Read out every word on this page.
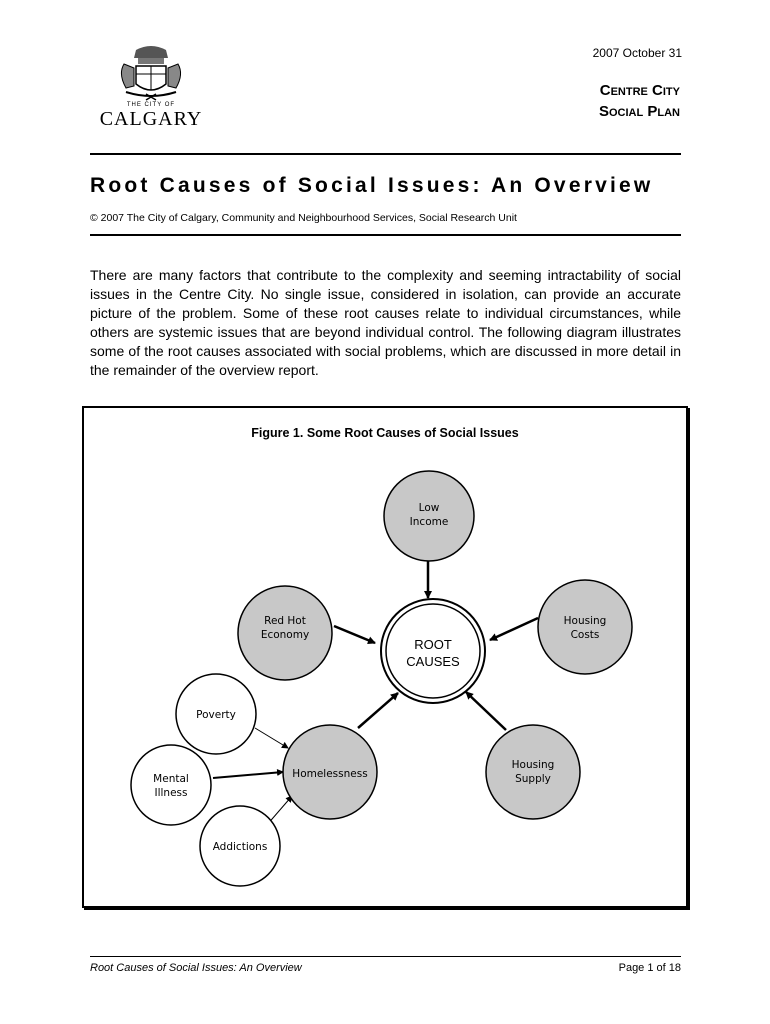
THE CITY OF
CALGARY
2007 October 31
Centre City
Social Plan
Root Causes of Social Issues: An Overview
© 2007 The City of Calgary, Community and Neighbourhood Services, Social Research Unit
There are many factors that contribute to the complexity and seeming intractability of social issues in the Centre City. No single issue, considered in isolation, can provide an accurate picture of the problem. Some of these root causes relate to individual circumstances, while others are systemic issues that are beyond individual control. The following diagram illustrates some of the root causes associated with social problems, which are discussed in more detail in the remainder of the overview report.
Figure 1. Some Root Causes of Social Issues
ROOT
CAUSES
Low
Income
Red Hot
Economy
Housing
Costs
Housing
Supply
Homelessness
Poverty
Mental
Illness
Addictions
Root Causes of Social Issues: An Overview	Page 1 of 18
